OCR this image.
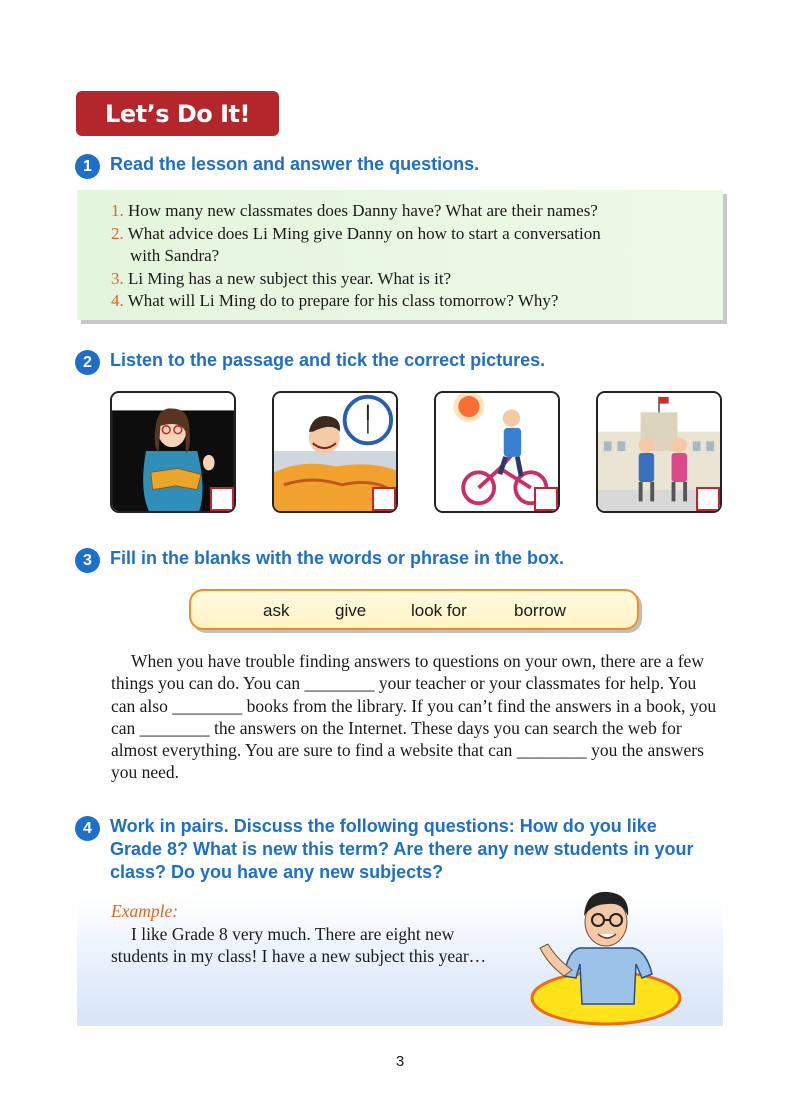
Let’s Do It!
1	Read the lesson and answer the questions.
1. How many new classmates does Danny have? What are their names?
2. What advice does Li Ming give Danny on how to start a conversation
with Sandra?
3. Li Ming has a new subject this year. What is it?
4. What will Li Ming do to prepare for his class tomorrow? Why?
2	Listen to the passage and tick the correct pictures.
3	Fill in the blanks with the words or phrase in the box.
ask	give	look for	borrow
When you have trouble finding answers to questions on your own, there are a few things you can do. You can ________ your teacher or your classmates for help. You can also ________ books from the library. If you can’t find the answers in a book, you can ________ the answers on the Internet. These days you can search the web for almost everything. You are sure to find a website that can ________ you the answers you need.
4	Work in pairs. Discuss the following questions: How do you like Grade 8? What is new this term? Are there any new students in your class? Do you have any new subjects?
Example:
I like Grade 8 very much. There are eight new students in my class! I have a new subject this year…
3
